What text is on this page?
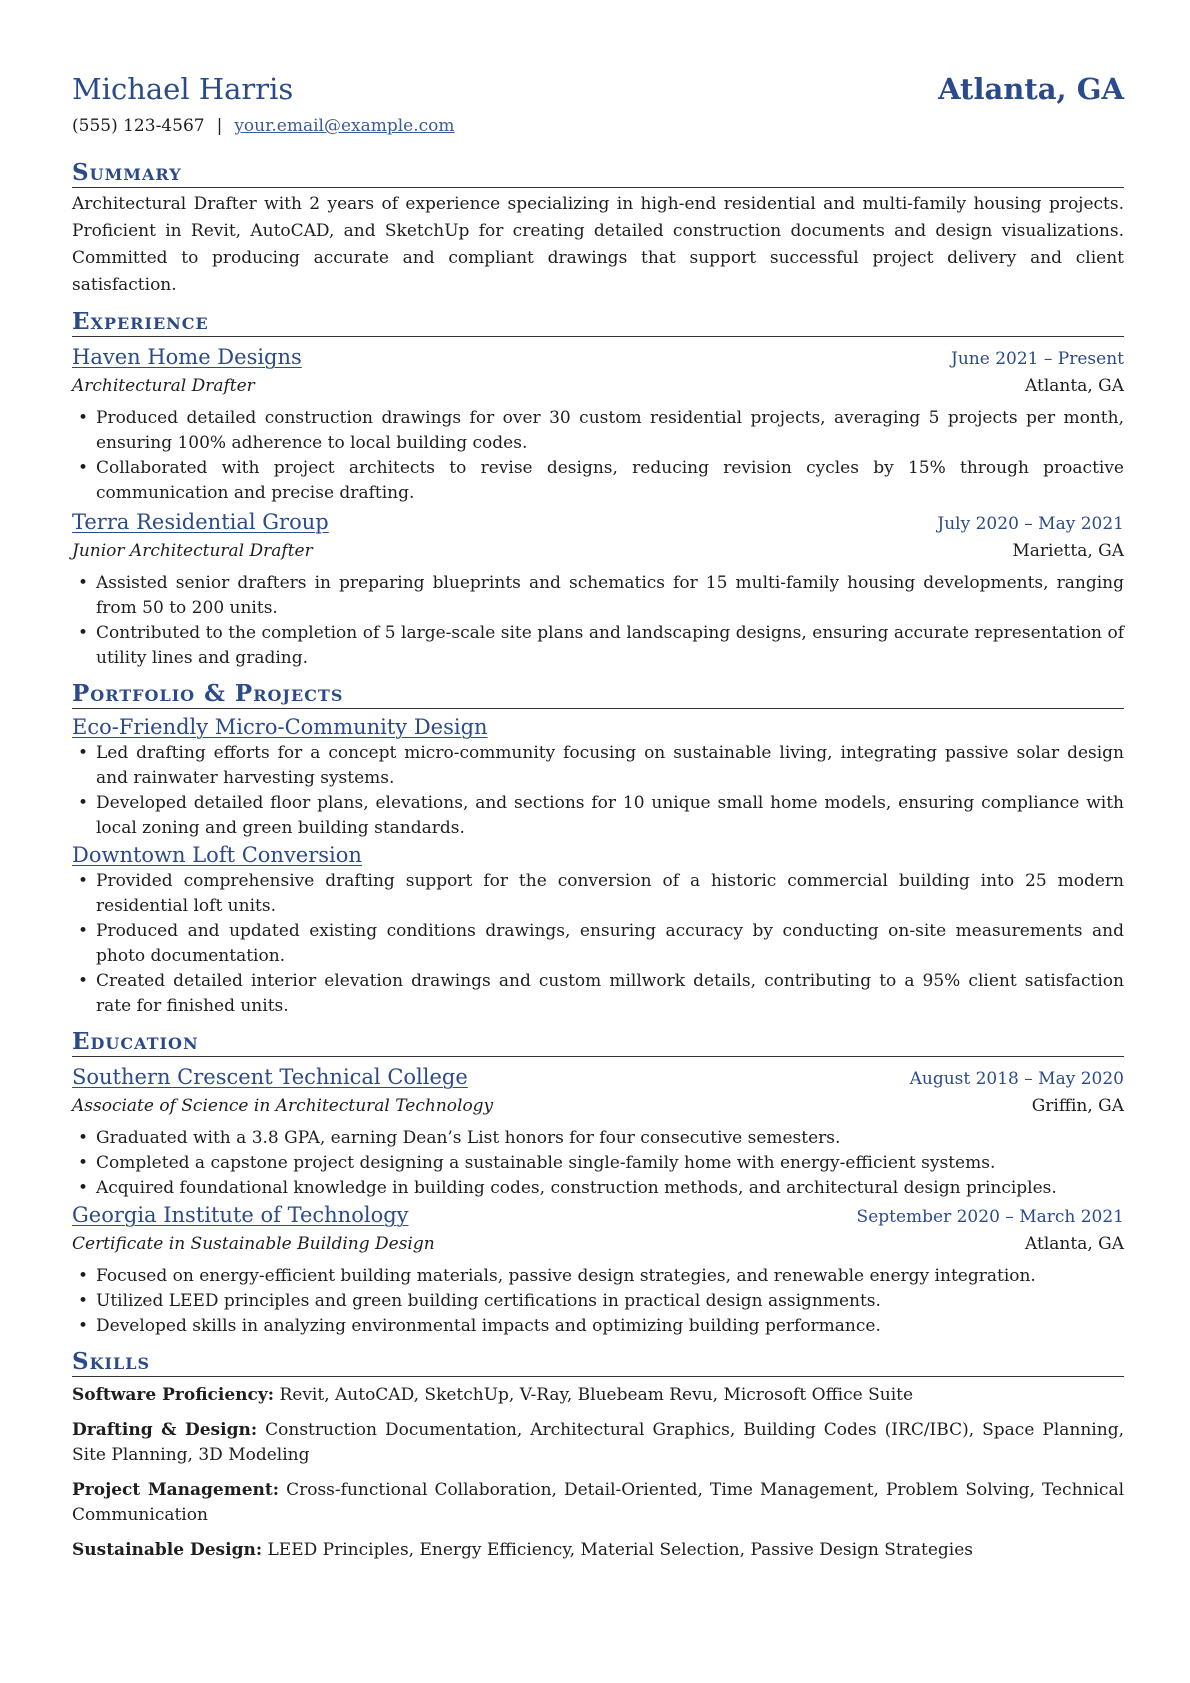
Michael Harris	Atlanta, GA
(555) 123-4567 | your.email@example.com
Summary

Architectural Drafter with 2 years of experience specializing in high-end residential and multi-family housing projects. Proficient in Revit, AutoCAD, and SketchUp for creating detailed construction documents and design visualizations. Committed to producing accurate and compliant drawings that support successful project delivery and client satisfaction.

Experience
Haven Home Designs	June 2021 – Present
Architectural Drafter	Atlanta, GA
• Produced detailed construction drawings for over 30 custom residential projects, averaging 5 projects per month, ensuring 100% adherence to local building codes.
• Collaborated with project architects to revise designs, reducing revision cycles by 15% through proactive communication and precise drafting.
Terra Residential Group	July 2020 – May 2021
Junior Architectural Drafter	Marietta, GA
• Assisted senior drafters in preparing blueprints and schematics for 15 multi-family housing developments, ranging from 50 to 200 units.
• Contributed to the completion of 5 large-scale site plans and landscaping designs, ensuring accurate representation of utility lines and grading.
Portfolio & Projects
Eco-Friendly Micro-Community Design
• Led drafting efforts for a concept micro-community focusing on sustainable living, integrating passive solar design and rainwater harvesting systems.
• Developed detailed floor plans, elevations, and sections for 10 unique small home models, ensuring compliance with local zoning and green building standards.
Downtown Loft Conversion
• Provided comprehensive drafting support for the conversion of a historic commercial building into 25 modern residential loft units.
• Produced and updated existing conditions drawings, ensuring accuracy by conducting on-site measurements and photo documentation.
• Created detailed interior elevation drawings and custom millwork details, contributing to a 95% client satisfaction rate for finished units.
Education
Southern Crescent Technical College	August 2018 – May 2020
Associate of Science in Architectural Technology	Griffin, GA
• Graduated with a 3.8 GPA, earning Dean’s List honors for four consecutive semesters.
• Completed a capstone project designing a sustainable single-family home with energy-efficient systems.
• Acquired foundational knowledge in building codes, construction methods, and architectural design principles.
Georgia Institute of Technology	September 2020 – March 2021
Certificate in Sustainable Building Design	Atlanta, GA
• Focused on energy-efficient building materials, passive design strategies, and renewable energy integration.
• Utilized LEED principles and green building certifications in practical design assignments.
• Developed skills in analyzing environmental impacts and optimizing building performance.
Skills
Software Proficiency: Revit, AutoCAD, SketchUp, V-Ray, Bluebeam Revu, Microsoft Office Suite
Drafting & Design: Construction Documentation, Architectural Graphics, Building Codes (IRC/IBC), Space Planning, Site Planning, 3D Modeling
Project Management: Cross-functional Collaboration, Detail-Oriented, Time Management, Problem Solving, Technical Communication
Sustainable Design: LEED Principles, Energy Efficiency, Material Selection, Passive Design Strategies
